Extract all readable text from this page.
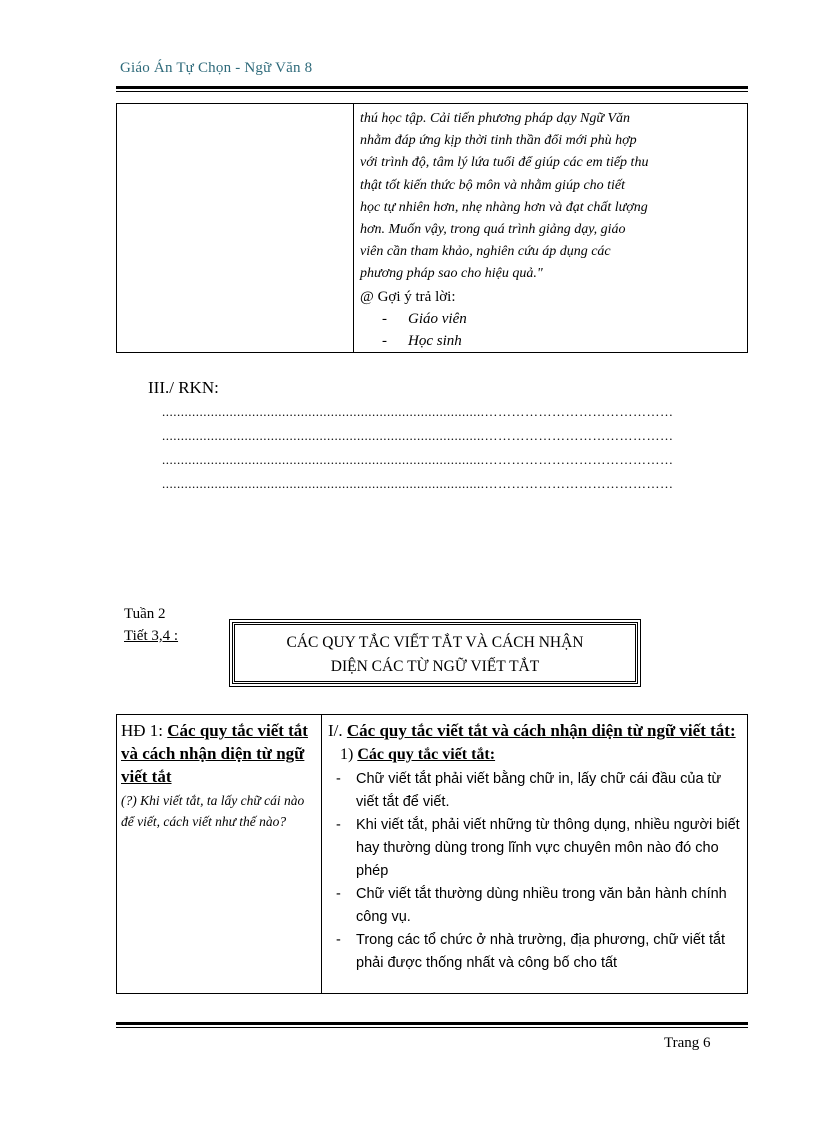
Giáo Án Tự Chọn - Ngữ Văn 8

thú học tập. Cải tiến phương pháp dạy Ngữ Văn

nhằm đáp ứng kịp thời tinh thần đổi mới phù hợp

với trình độ, tâm lý lứa tuổi để giúp các em tiếp thu

thật tốt kiến thức bộ môn và nhằm giúp cho tiết

học tự nhiên hơn, nhẹ nhàng hơn và đạt chất lượng

hơn. Muốn vậy, trong quá trình giảng dạy, giáo

viên cần tham khảo, nghiên cứu áp dụng các

phương pháp sao cho hiệu quả."

@ Gợi ý trả lời:

- Giáo viên

- Học sinh

III./ RKN:
......................................................................................……………………………………
......................................................................................……………………………………
......................................................................................……………………………………
......................................................................................……………………………………
Tuần 2
Tiết 3,4 :	CÁC QUY TẮC VIẾT TẮT VÀ CÁCH NHẬN
DIỆN CÁC TỪ NGỮ VIẾT TẮT

HĐ 1: Các quy tắc viết tắt và cách nhận diện từ ngữ viết tắt

(?) Khi viết tắt, ta lấy chữ cái nào để viết, cách viết như thế nào?

I/. Các quy tắc viết tắt và cách nhận diện từ ngữ viết tắt:

1) Các quy tắc viết tắt:

-	Chữ viết tắt phải viết bằng chữ in, lấy chữ cái đầu của từ viết tắt để viết.
-	Khi viết tắt, phải viết những từ thông dụng, nhiều người biết hay thường dùng trong lĩnh vực chuyên môn nào đó cho phép
-	Chữ viết tắt thường dùng nhiều trong văn bản hành chính công vụ.
-	Trong các tổ chức ở nhà trường, địa phương, chữ viết tắt phải được thống nhất và công bố cho tất
Trang 6
